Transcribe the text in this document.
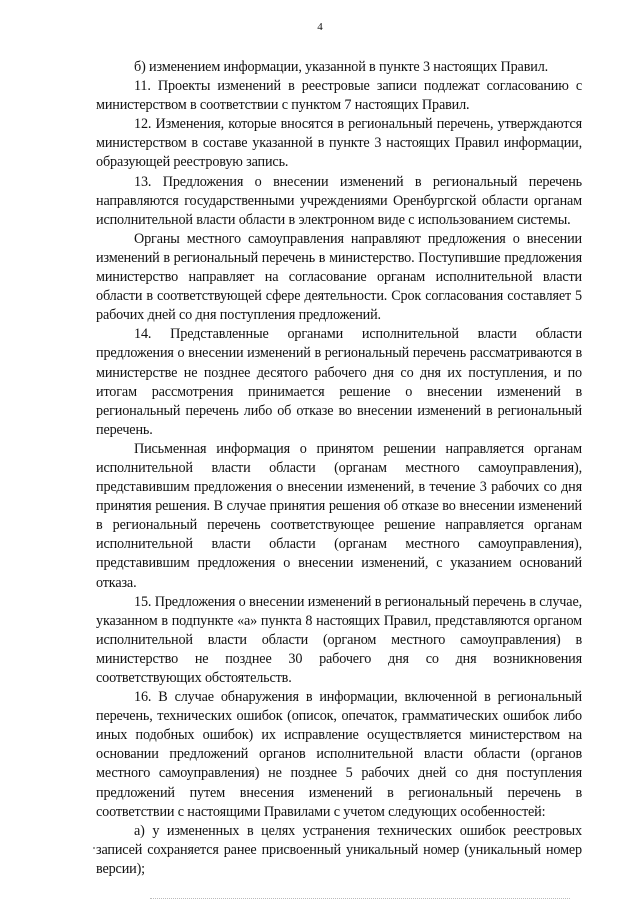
4

б) изменением информации, указанной в пункте 3 настоящих Правил.

11. Проекты изменений в реестровые записи подлежат согласованию с министерством в соответствии с пунктом 7 настоящих Правил.

12. Изменения, которые вносятся в региональный перечень, утверждаются министерством в составе указанной в пункте 3 настоящих Правил информации, образующей реестровую запись.

13. Предложения о внесении изменений в региональный перечень направляются государственными учреждениями Оренбургской области органам исполнительной власти области в электронном виде с использованием системы.

Органы местного самоуправления направляют предложения о внесении изменений в региональный перечень в министерство. Поступившие предложения министерство направляет на согласование органам исполнительной власти области в соответствующей сфере деятельности. Срок согласования составляет 5 рабочих дней со дня поступления предложений.

14. Представленные органами исполнительной власти области предложения о внесении изменений в региональный перечень рассматриваются в министерстве не позднее десятого рабочего дня со дня их поступления, и по итогам рассмотрения принимается решение о внесении изменений в региональный перечень либо об отказе во внесении изменений в региональный перечень.

Письменная информация о принятом решении направляется органам исполнительной власти области (органам местного самоуправления), представившим предложения о внесении изменений, в течение 3 рабочих со дня принятия решения. В случае принятия решения об отказе во внесении изменений в региональный перечень соответствующее решение направляется органам исполнительной власти области (органам местного самоуправления), представившим предложения о внесении изменений, с указанием оснований отказа.

15. Предложения о внесении изменений в региональный перечень в случае, указанном в подпункте «а» пункта 8 настоящих Правил, представляются органом исполнительной власти области (органом местного самоуправления) в министерство не позднее 30 рабочего дня со дня возникновения соответствующих обстоятельств.

16. В случае обнаружения в информации, включенной в региональный перечень, технических ошибок (описок, опечаток, грамматических ошибок либо иных подобных ошибок) их исправление осуществляется министерством на основании предложений органов исполнительной власти области (органов местного самоуправления) не позднее 5 рабочих дней со дня поступления предложений путем внесения изменений в региональный перечень в соответствии с настоящими Правилами с учетом следующих особенностей:

а) у измененных в целях устранения технических ошибок реестровых записей сохраняется ранее присвоенный уникальный номер (уникальный номер версии);
